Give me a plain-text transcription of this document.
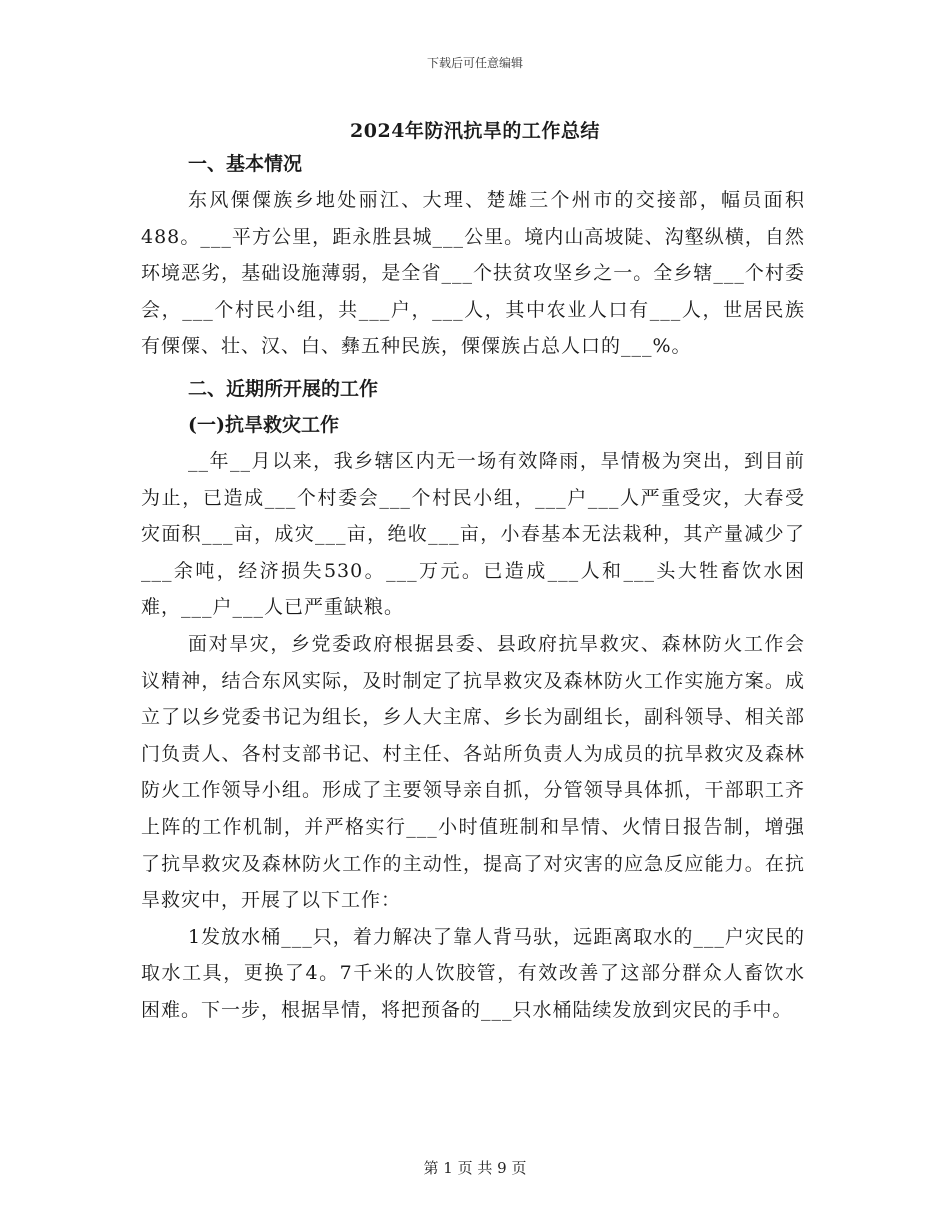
下载后可任意编辑
2024年防汛抗旱的工作总结

一、基本情况

东风傈僳族乡地处丽江、大理、楚雄三个州市的交接部，幅员面积488。___平方公里，距永胜县城___公里。境内山高坡陡、沟壑纵横，自然环境恶劣，基础设施薄弱，是全省___个扶贫攻坚乡之一。全乡辖___个村委会，___个村民小组，共___户，___人，其中农业人口有___人，世居民族有傈僳、壮、汉、白、彝五种民族，傈僳族占总人口的___%。

二、近期所开展的工作

(一)抗旱救灾工作

__年__月以来，我乡辖区内无一场有效降雨，旱情极为突出，到目前为止，已造成___个村委会___个村民小组，___户___人严重受灾，大春受灾面积___亩，成灾___亩，绝收___亩，小春基本无法栽种，其产量减少了___余吨，经济损失530。___万元。已造成___人和___头大牲畜饮水困难，___户___人已严重缺粮。

面对旱灾，乡党委政府根据县委、县政府抗旱救灾、森林防火工作会议精神，结合东风实际，及时制定了抗旱救灾及森林防火工作实施方案。成立了以乡党委书记为组长，乡人大主席、乡长为副组长，副科领导、相关部门负责人、各村支部书记、村主任、各站所负责人为成员的抗旱救灾及森林防火工作领导小组。形成了主要领导亲自抓，分管领导具体抓，干部职工齐上阵的工作机制，并严格实行___小时值班制和旱情、火情日报告制，增强了抗旱救灾及森林防火工作的主动性，提高了对灾害的应急反应能力。在抗旱救灾中，开展了以下工作：

1发放水桶___只，着力解决了靠人背马驮，远距离取水的___户灾民的取水工具，更换了4。7千米的人饮胶管，有效改善了这部分群众人畜饮水困难。下一步，根据旱情，将把预备的___只水桶陆续发放到灾民的手中。

第 1 页 共 9 页
